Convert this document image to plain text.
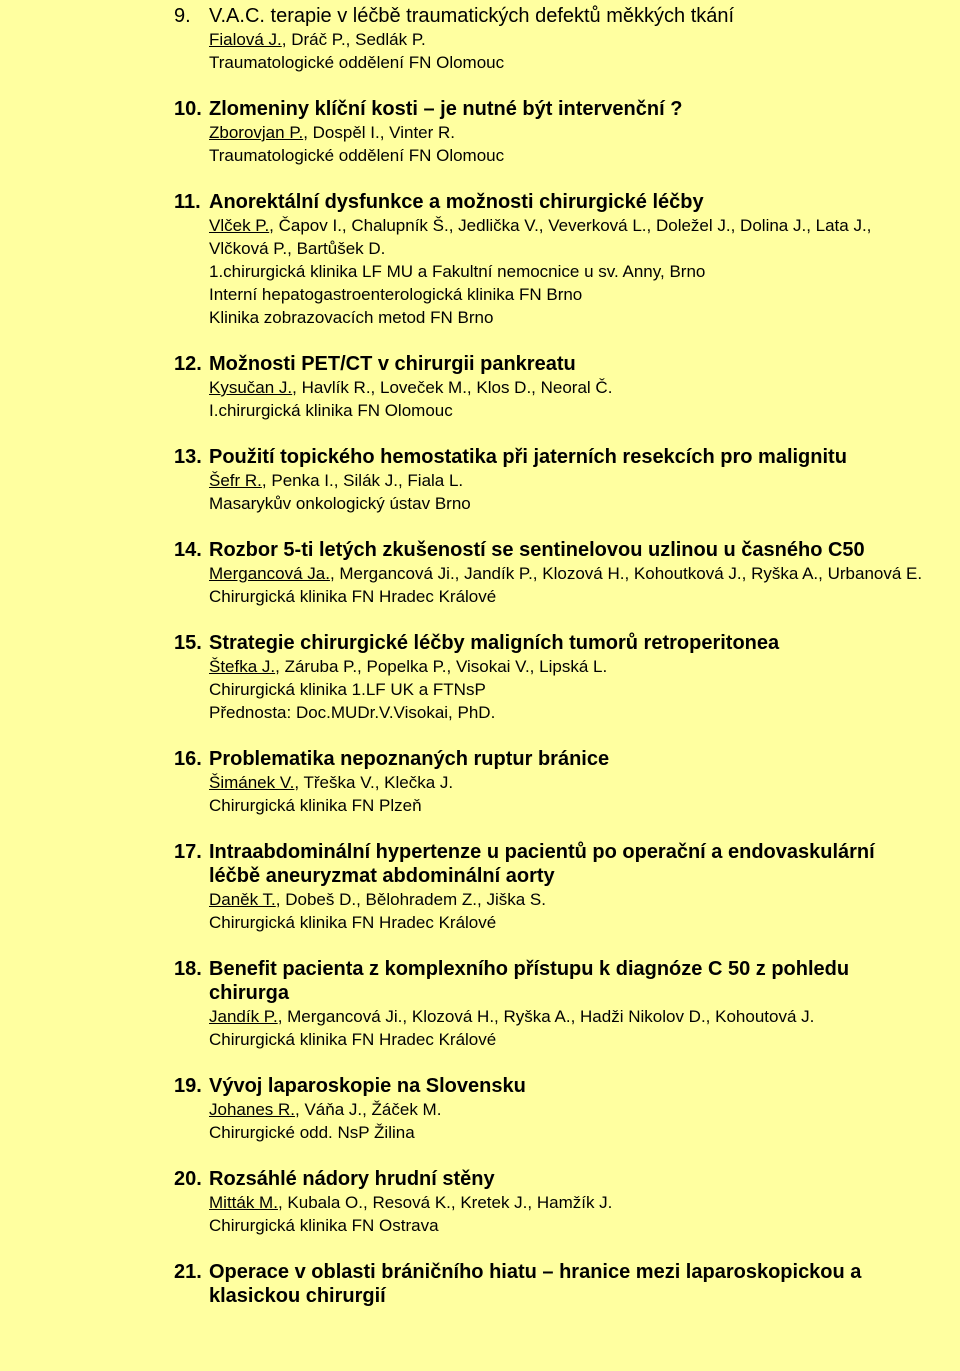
9. V.A.C. terapie v léčbě traumatických defektů měkkých tkání

Fialová J., Dráč P., Sedlák P.

Traumatologické oddělení FN Olomouc

10. Zlomeniny klíční kosti – je nutné být intervenční ?

Zborovjan P., Dospěl I., Vinter R.

Traumatologické oddělení FN Olomouc

11. Anorektální dysfunkce a možnosti chirurgické léčby

Vlček P., Čapov I., Chalupník Š., Jedlička V., Veverková L., Doležel J., Dolina J., Lata J., Vlčková P., Bartůšek D.

1.chirurgická klinika LF MU a Fakultní nemocnice u sv. Anny, Brno

Interní hepatogastroenterologická klinika FN Brno

Klinika zobrazovacích metod FN Brno

12. Možnosti PET/CT v chirurgii pankreatu

Kysučan J., Havlík R., Loveček M., Klos D., Neoral Č.

I.chirurgická klinika FN Olomouc

13. Použití topického hemostatika při jaterních resekcích pro malignitu

Šefr R., Penka I., Silák J., Fiala L.

Masarykův onkologický ústav Brno

14. Rozbor 5-ti letých zkušeností se sentinelovou uzlinou u časného C50

Mergancová Ja., Mergancová Ji., Jandík P., Klozová H., Kohoutková J., Ryška A., Urbanová E.

Chirurgická klinika FN Hradec Králové

15. Strategie chirurgické léčby maligních tumorů retroperitonea

Štefka J., Záruba P., Popelka P., Visokai V., Lipská L.

Chirurgická klinika 1.LF UK a FTNsP

Přednosta: Doc.MUDr.V.Visokai, PhD.

16. Problematika nepoznaných ruptur bránice

Šimánek V., Třeška V., Klečka J.

Chirurgická klinika FN Plzeň

17. Intraabdominální hypertenze u pacientů po operační a endovaskulární léčbě aneuryzmat abdominální aorty

Daněk T., Dobeš D., Bělohradem Z., Jiška S.

Chirurgická klinika FN Hradec Králové

18. Benefit pacienta z komplexního přístupu k diagnóze C 50 z pohledu chirurga

Jandík P., Mergancová Ji., Klozová H., Ryška A., Hadži Nikolov D., Kohoutová J.

Chirurgická klinika FN Hradec Králové

19. Vývoj laparoskopie na Slovensku

Johanes R., Váňa J., Žáček M.

Chirurgické odd. NsP Žilina

20. Rozsáhlé nádory hrudní stěny

Mitták M., Kubala O., Resová K., Kretek J., Hamžík J.

Chirurgická klinika FN Ostrava

21. Operace v oblasti bráničního hiatu – hranice mezi laparoskopickou a klasickou chirurgií
